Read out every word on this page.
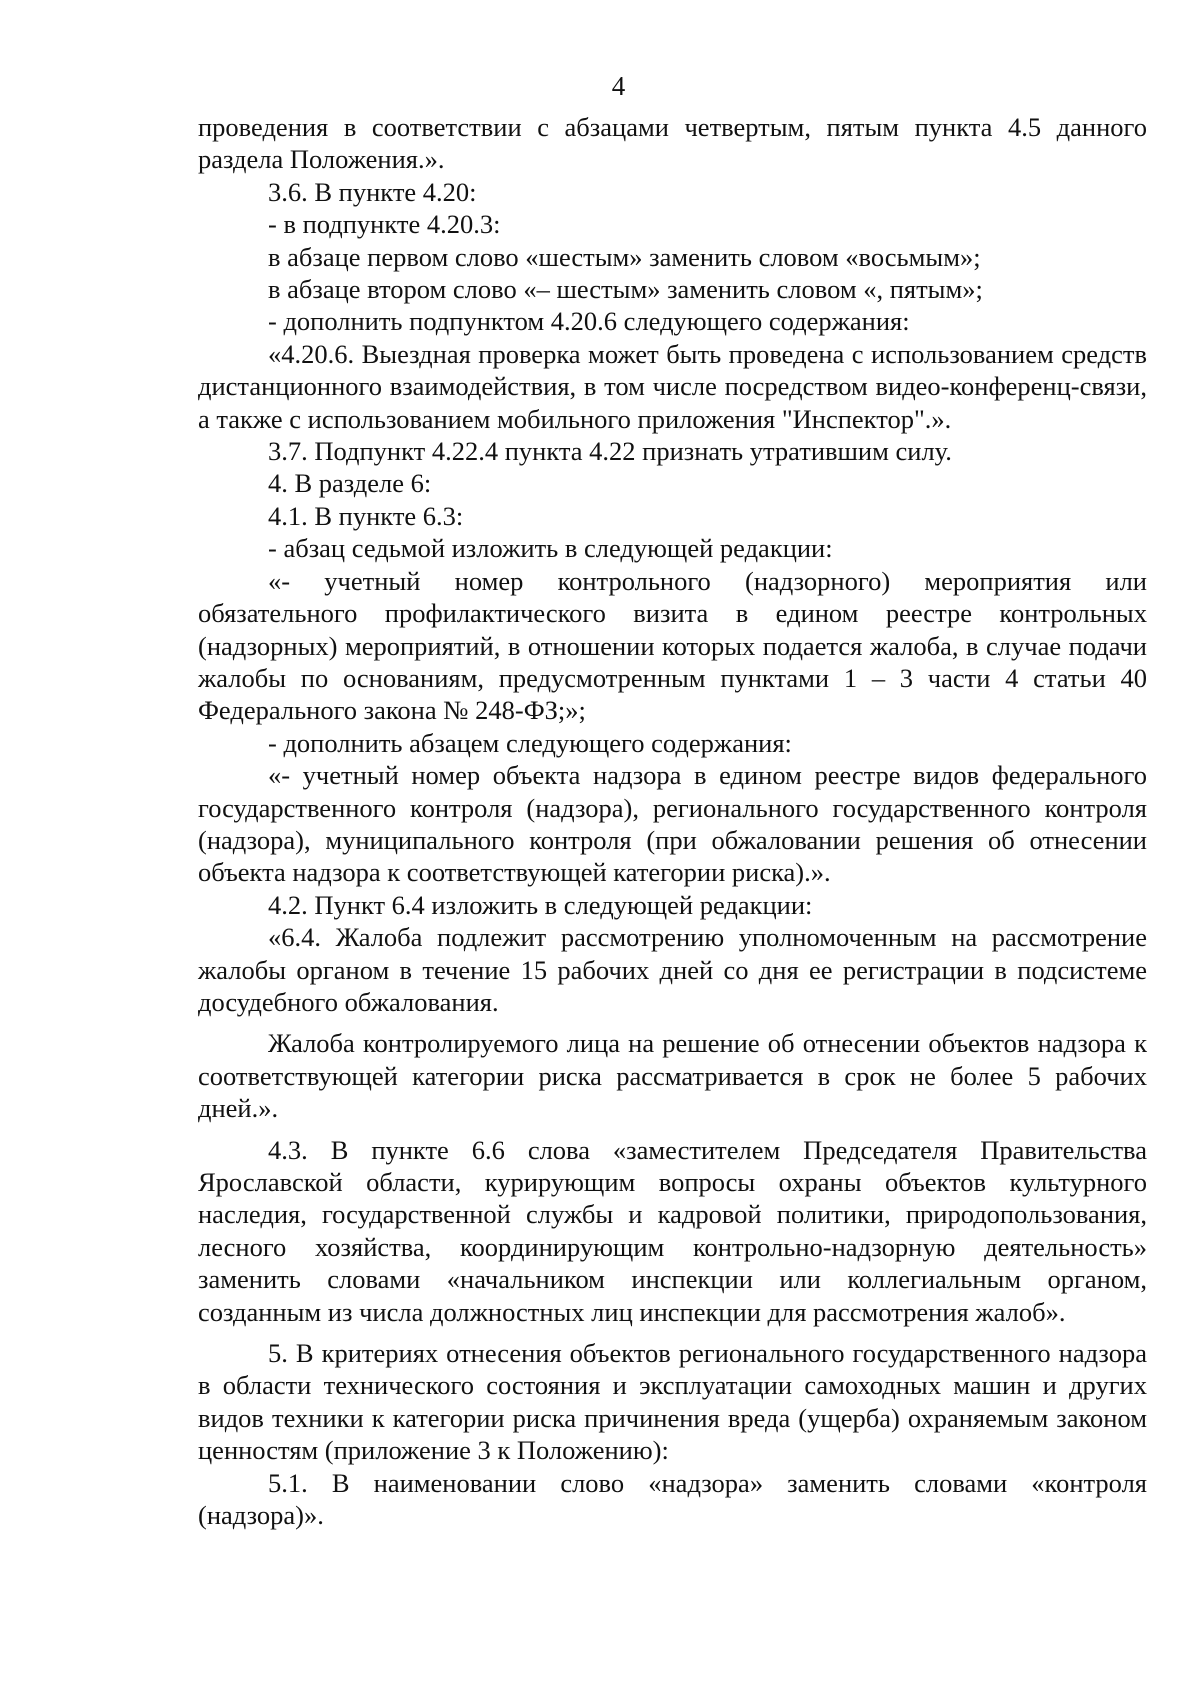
4

проведения в соответствии с абзацами четвертым, пятым пункта 4.5 данного раздела Положения.».

3.6. В пункте 4.20:

- в подпункте 4.20.3:

в абзаце первом слово «шестым» заменить словом «восьмым»;

в абзаце втором слово «– шестым» заменить словом «, пятым»;

- дополнить подпунктом 4.20.6 следующего содержания:

«4.20.6. Выездная проверка может быть проведена с использованием средств дистанционного взаимодействия, в том числе посредством видео-конференц-связи, а также с использованием мобильного приложения "Инспектор".».

3.7. Подпункт 4.22.4 пункта 4.22 признать утратившим силу.

4. В разделе 6:

4.1. В пункте 6.3:

- абзац седьмой изложить в следующей редакции:

«- учетный номер контрольного (надзорного) мероприятия или обязательного профилактического визита в едином реестре контрольных (надзорных) мероприятий, в отношении которых подается жалоба, в случае подачи жалобы по основаниям, предусмотренным пунктами 1 – 3 части 4 статьи 40 Федерального закона № 248-ФЗ;»;

- дополнить абзацем следующего содержания:

«- учетный номер объекта надзора в едином реестре видов федерального государственного контроля (надзора), регионального государственного контроля (надзора), муниципального контроля (при обжаловании решения об отнесении объекта надзора к соответствующей категории риска).».

4.2. Пункт 6.4 изложить в следующей редакции:

«6.4. Жалоба подлежит рассмотрению уполномоченным на рассмотрение жалобы органом в течение 15 рабочих дней со дня ее регистрации в подсистеме досудебного обжалования.

Жалоба контролируемого лица на решение об отнесении объектов надзора к соответствующей категории риска рассматривается в срок не более 5 рабочих дней.».

4.3. В пункте 6.6 слова «заместителем Председателя Правительства Ярославской области, курирующим вопросы охраны объектов культурного наследия, государственной службы и кадровой политики, природопользования, лесного хозяйства, координирующим контрольно-надзорную деятельность» заменить словами «начальником инспекции или коллегиальным органом, созданным из числа должностных лиц инспекции для рассмотрения жалоб».

5. В критериях отнесения объектов регионального государственного надзора в области технического состояния и эксплуатации самоходных машин и других видов техники к категории риска причинения вреда (ущерба) охраняемым законом ценностям (приложение 3 к Положению):

5.1. В наименовании слово «надзора» заменить словами «контроля (надзора)».
